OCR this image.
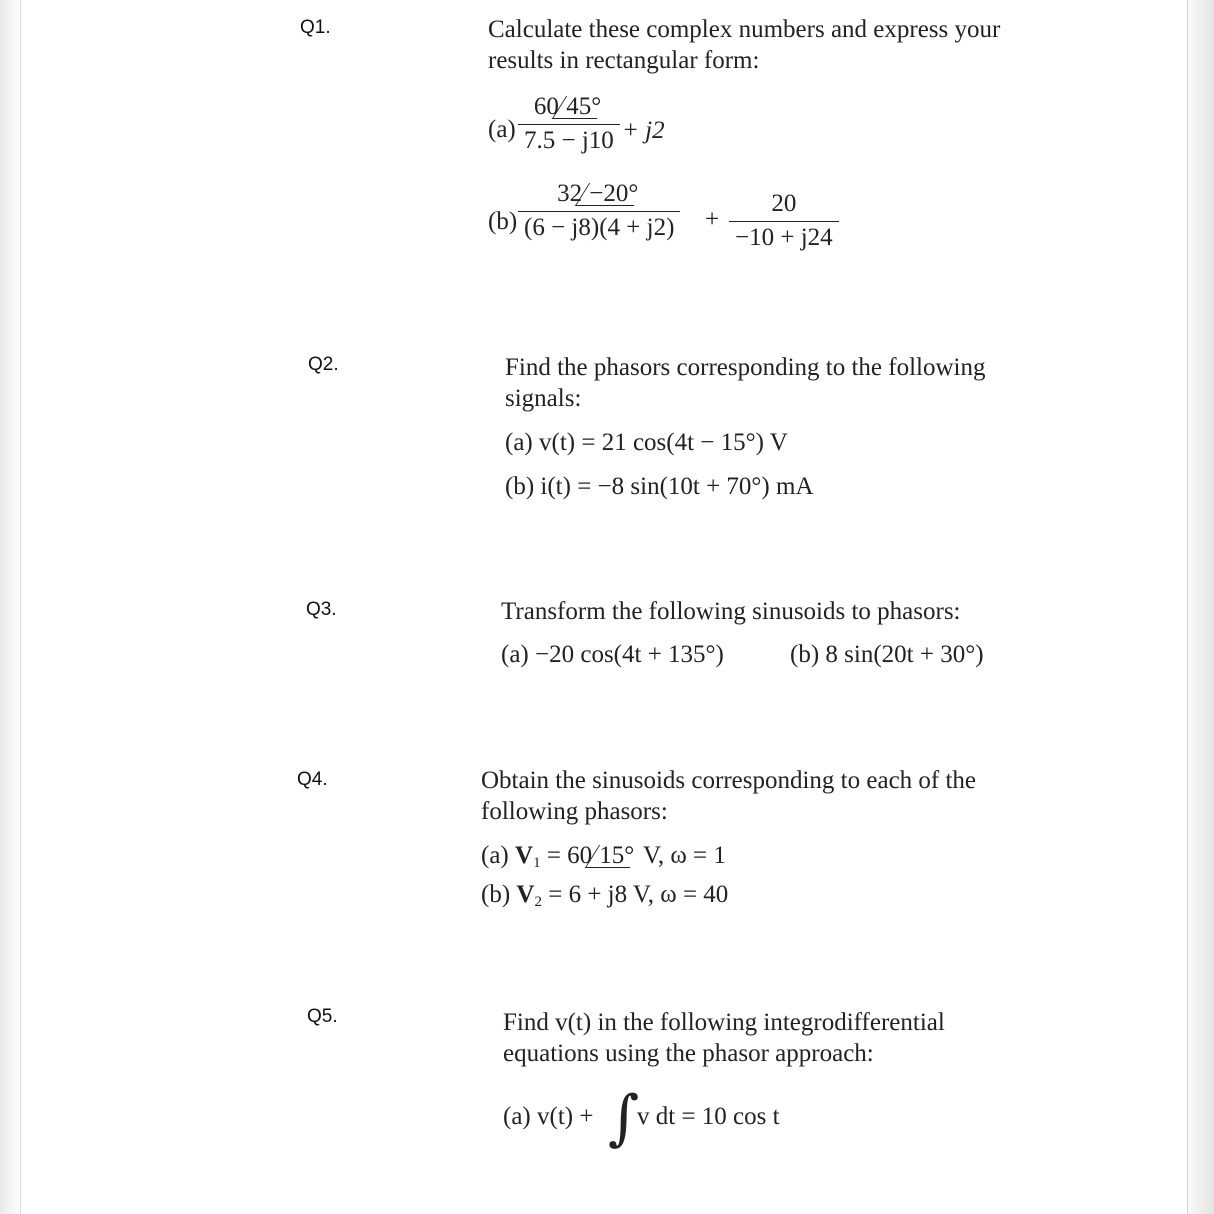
Q1.	Calculate these complex numbers and express your

results in rectangular form:

$(a) \frac{60 45^\circ}{7.5 - j10} + j2$
$(b) \frac{32 -20^\circ}{(6 - j8)(4 + j2)} + \frac{20}{-10 + j24}$
Q2.	Find the phasors corresponding to the following

signals:

(a) v(t) = 21 cos(4t − 15°) V
(b) i(t) = −8 sin(10t + 70°) mA
Q3.	Transform the following sinusoids to phasors:

(a) −20 cos(4t + 135°)	(b) 8 sin(20t + 30°)
Q4.	Obtain the sinusoids corresponding to each of the

following phasors:

(a) $V_1 = 60$ 15° V, ω = 1
(b) $V_2 = 6 + j8$ V, ω = 40
Q5.	Find v(t) in the following integrodifferential

equations using the phasor approach:

(a) v(t) + ∫
v dt = 10 cos t
